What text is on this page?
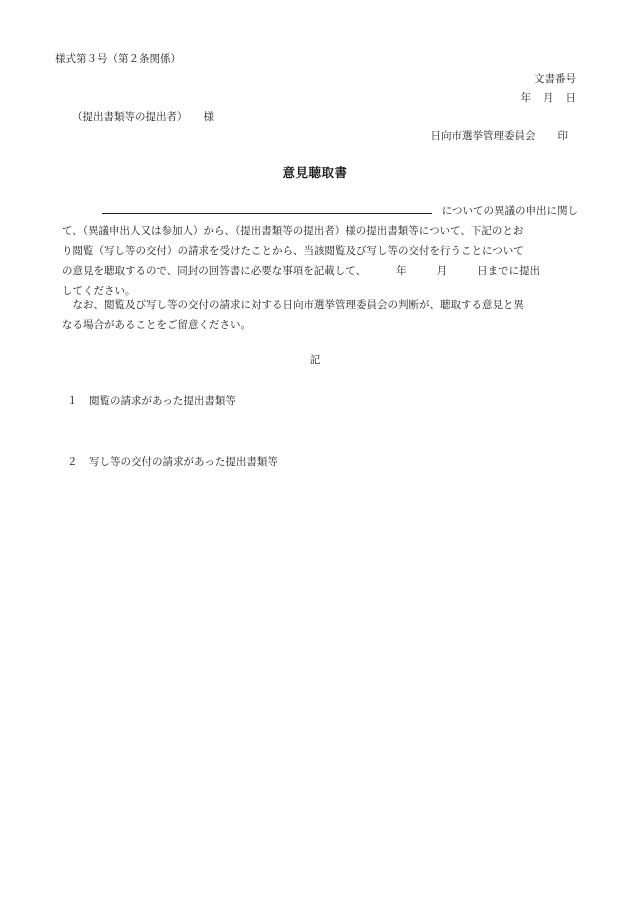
様式第３号（第２条関係）
文書番号
年 月 日
（提出書類等の提出者） 様
日向市選挙管理委員会 印
意見聴取書
についての異議の申出に関し
て、（異議申出人又は参加人）から、（提出書類等の提出者）様の提出書類等について、下記のとお
り閲覧（写し等の交付）の請求を受けたことから、当該閲覧及び写し等の交付を行うことについて
の意見を聴取するので、同封の回答書に必要な事項を記載して、	年	月	日までに提出
してください。
　なお、閲覧及び写し等の交付の請求に対する日向市選挙管理委員会の判断が、聴取する意見と異
なる場合があることをご留意ください。
記
１ 閲覧の請求があった提出書類等
２ 写し等の交付の請求があった提出書類等
